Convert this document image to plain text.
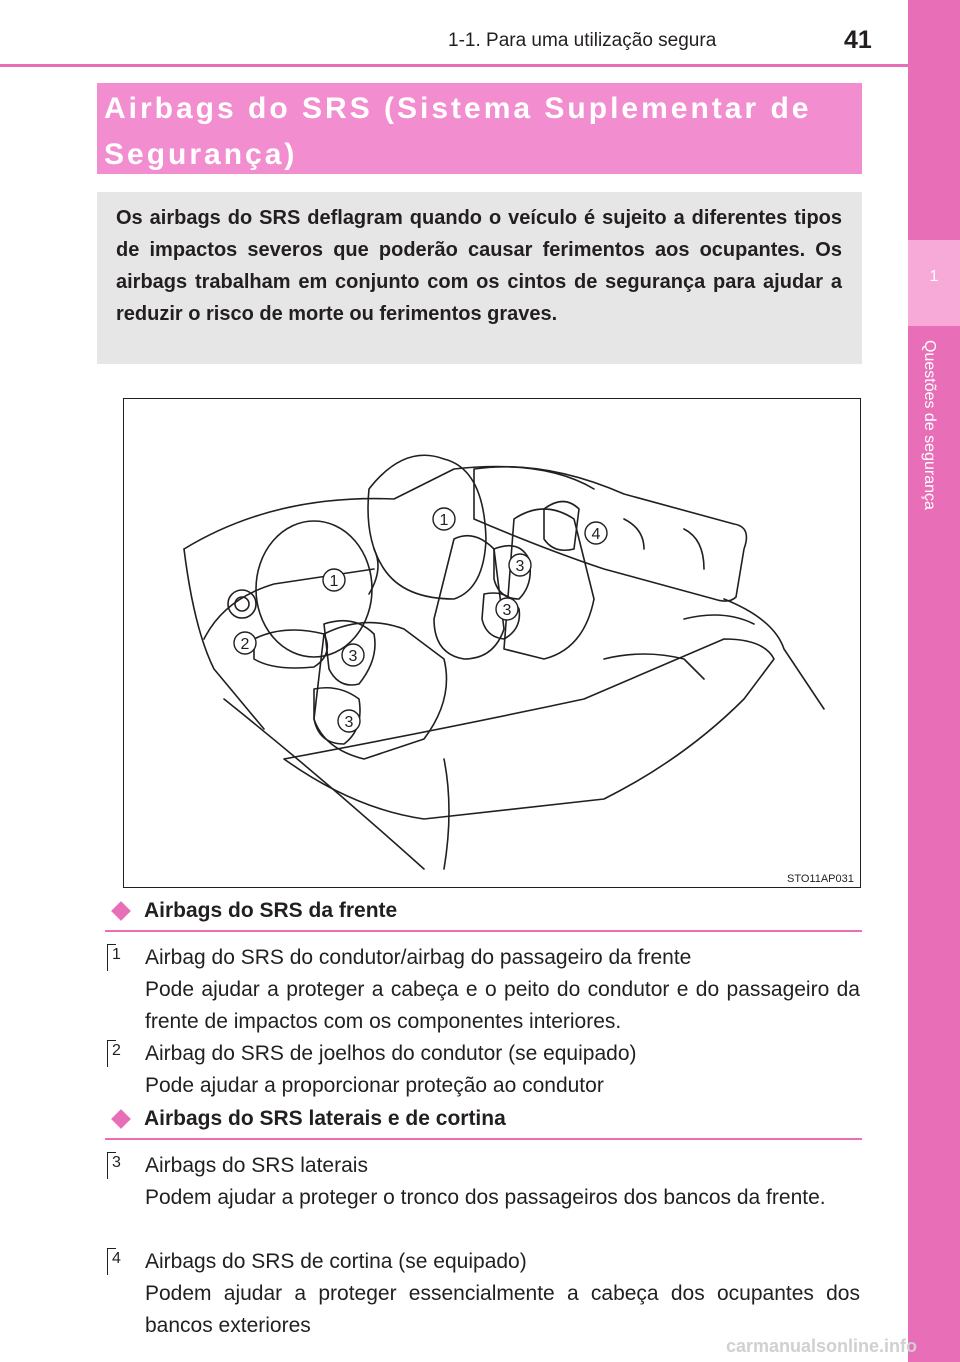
1-1. Para uma utilização segura	41
1
Questões de segurança
Airbags do SRS (Sistema Suplementar de Segurança)
Os airbags do SRS deflagram quando o veículo é sujeito a diferentes tipos de impactos severos que poderão causar ferimentos aos ocupantes. Os airbags trabalham em conjunto com os cintos de segurança para ajudar a reduzir o risco de morte ou ferimentos graves.
1
1
2
3
3
3
3
4
STO11AP031
Airbags do SRS da frente
1 Airbag do SRS do condutor/airbag do passageiro da frente
Pode ajudar a proteger a cabeça e o peito do condutor e do passageiro da frente de impactos com os componentes interiores.
2 Airbag do SRS de joelhos do condutor (se equipado)
Pode ajudar a proporcionar proteção ao condutor
Airbags do SRS laterais e de cortina
3 Airbags do SRS laterais
Podem ajudar a proteger o tronco dos passageiros dos bancos da frente.
4 Airbags do SRS de cortina (se equipado)
Podem ajudar a proteger essencialmente a cabeça dos ocupantes dos bancos exteriores
carmanualsonline.info
